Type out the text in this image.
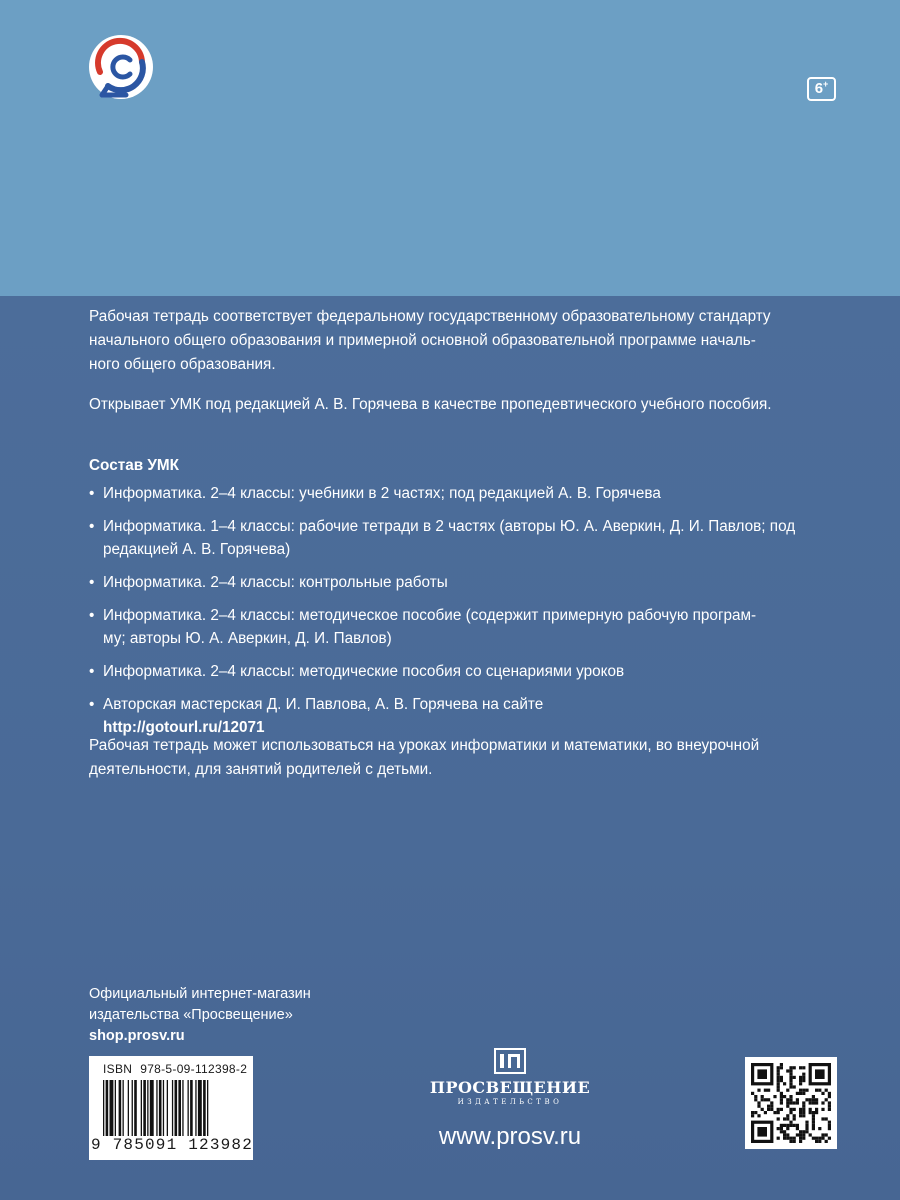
6+
Рабочая тетрадь соответствует федеральному государственному образовательному стандарту
начального общего образования и примерной основной образовательной программе началь-
ного общего образования.
Открывает УМК под редакцией А. В. Горячева в качестве пропедевтического учебного пособия.
Состав УМК
• Информатика. 2–4 классы: учебники в 2 частях; под редакцией А. В. Горячева
• Информатика. 1–4 классы: рабочие тетради в 2 частях (авторы Ю. А. Аверкин, Д. И. Павлов; под
редакцией А. В. Горячева)
• Информатика. 2–4 классы: контрольные работы
• Информатика. 2–4 классы: методическое пособие (содержит примерную рабочую програм-
му; авторы Ю. А. Аверкин, Д. И. Павлов)
• Информатика. 2–4 классы: методические пособия со сценариями уроков
• Авторская мастерская Д. И. Павлова, А. В. Горячева на сайте
http://gotourl.ru/12071
Рабочая тетрадь может использоваться на уроках информатики и математики, во внеурочной
деятельности, для занятий родителей с детьми.
Официальный интернет-магазин
издательства «Просвещение»
shop.prosv.ru
ISBN 978-5-09-112398-2
9 785091 123982
ПРОСВЕЩЕНИЕ
ИЗДАТЕЛЬСТВО
www.prosv.ru
